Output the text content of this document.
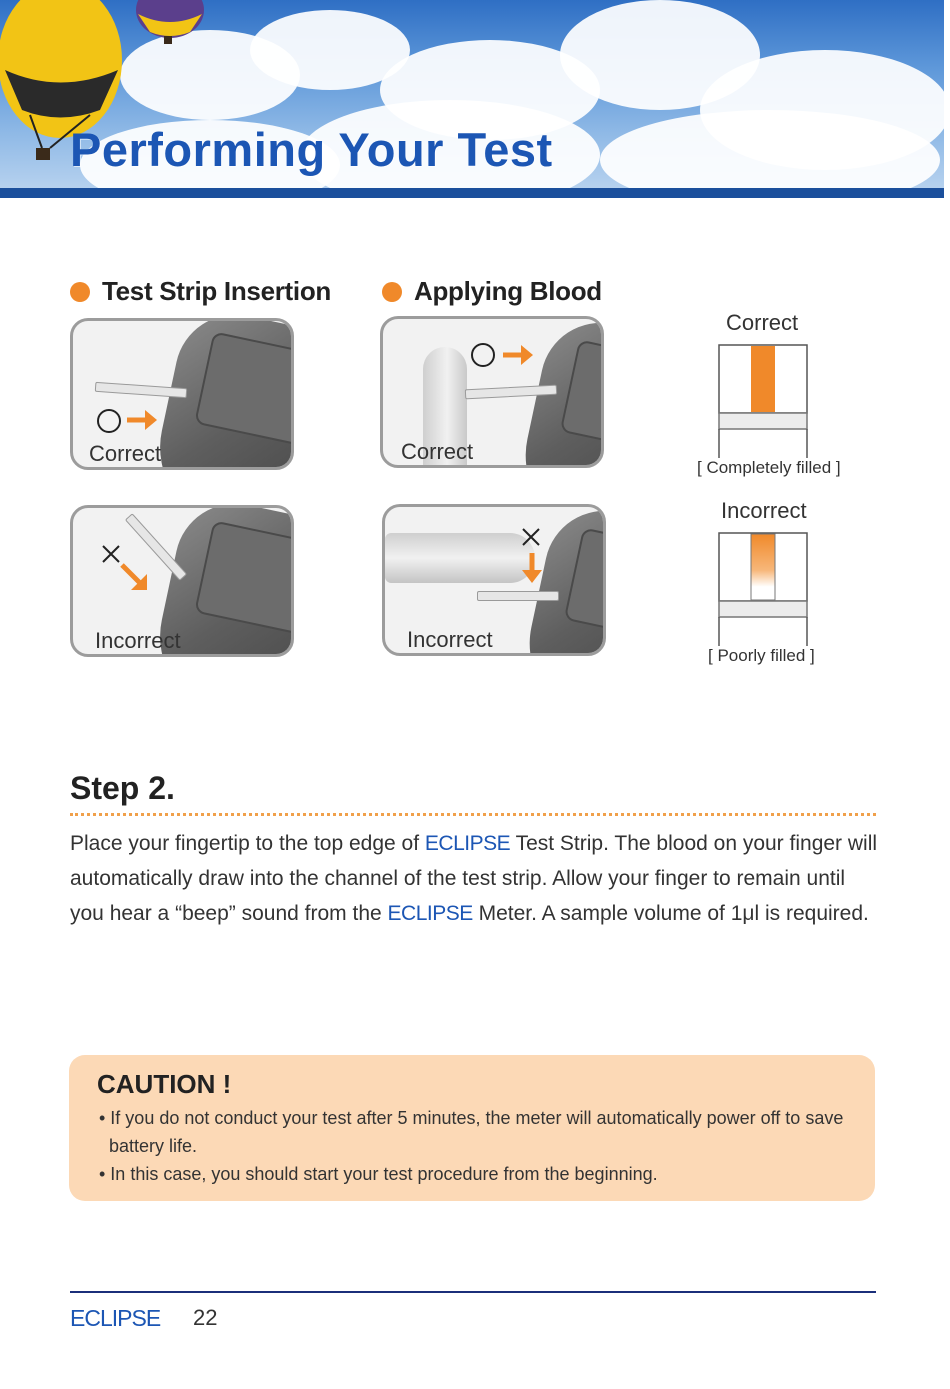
Performing Your Test
Test Strip Insertion
Correct
Incorrect
Applying Blood
Correct
Incorrect
Correct
[ Completely filled ]
Incorrect
[ Poorly filled ]
Step 2.

Place your fingertip to the top edge of ECLIPSE Test Strip. The blood on your finger will automatically draw into the channel of the test strip. Allow your finger to remain until you hear a “beep” sound from the ECLIPSE Meter. A sample volume of 1μl is required.

CAUTION !
• If you do not conduct your test after 5 minutes, the meter will automatically power off to save battery life.
• In this case, you should start your test procedure from the beginning.
ECLIPSE 22
